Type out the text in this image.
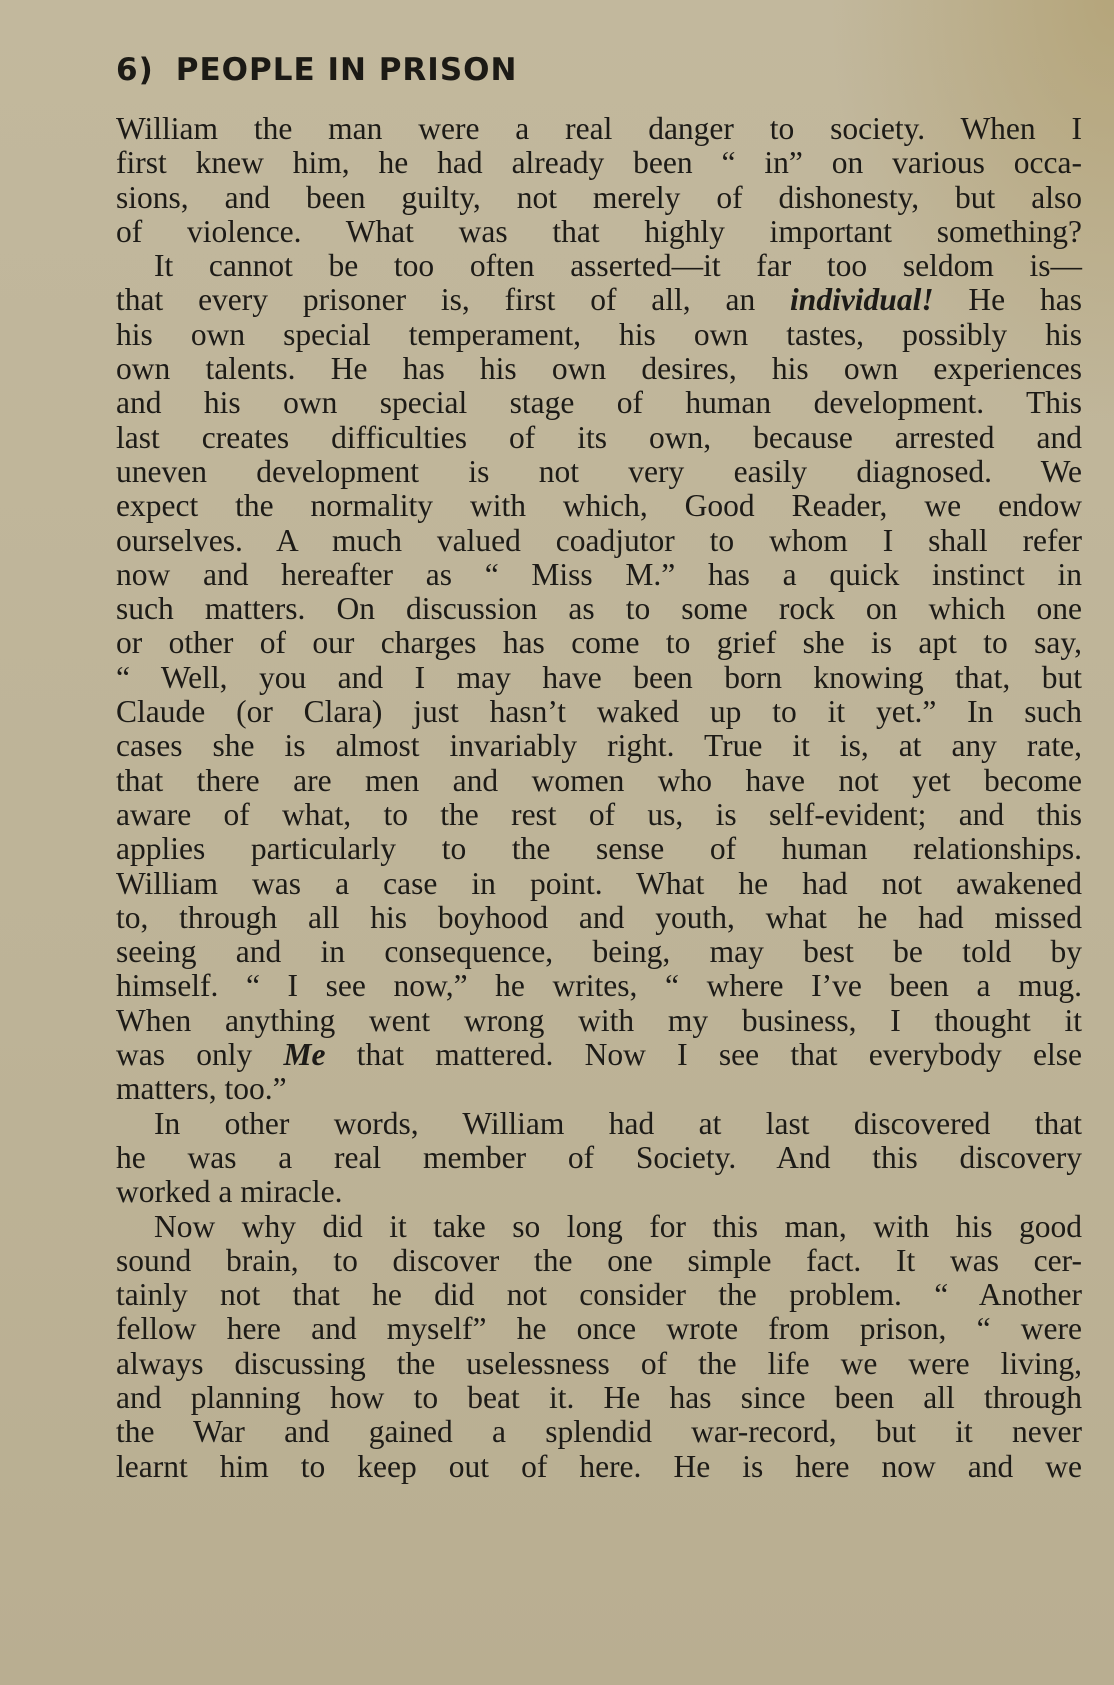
6) PEOPLE IN PRISON
William the man were a real danger to society. When I
first knew him, he had already been “ in” on various occa-
sions, and been guilty, not merely of dishonesty, but also
of violence. What was that highly important something?
It cannot be too often asserted—it far too seldom is—
that every prisoner is, first of all, an individual! He has
his own special temperament, his own tastes, possibly his
own talents. He has his own desires, his own experiences
and his own special stage of human development. This
last creates difficulties of its own, because arrested and
uneven development is not very easily diagnosed. We
expect the normality with which, Good Reader, we endow
ourselves. A much valued coadjutor to whom I shall refer
now and hereafter as “ Miss M.” has a quick instinct in
such matters. On discussion as to some rock on which one
or other of our charges has come to grief she is apt to say,
“ Well, you and I may have been born knowing that, but
Claude (or Clara) just hasn’t waked up to it yet.” In such
cases she is almost invariably right. True it is, at any rate,
that there are men and women who have not yet become
aware of what, to the rest of us, is self-evident; and this
applies particularly to the sense of human relationships.
William was a case in point. What he had not awakened
to, through all his boyhood and youth, what he had missed
seeing and in consequence, being, may best be told by
himself. “ I see now,” he writes, “ where I’ve been a mug.
When anything went wrong with my business, I thought it
was only Me that mattered. Now I see that everybody else
matters, too.”
In other words, William had at last discovered that
he was a real member of Society. And this discovery
worked a miracle.
Now why did it take so long for this man, with his good
sound brain, to discover the one simple fact. It was cer-
tainly not that he did not consider the problem. “ Another
fellow here and myself” he once wrote from prison, “ were
always discussing the uselessness of the life we were living,
and planning how to beat it. He has since been all through
the War and gained a splendid war-record, but it never
learnt him to keep out of here. He is here now and we
